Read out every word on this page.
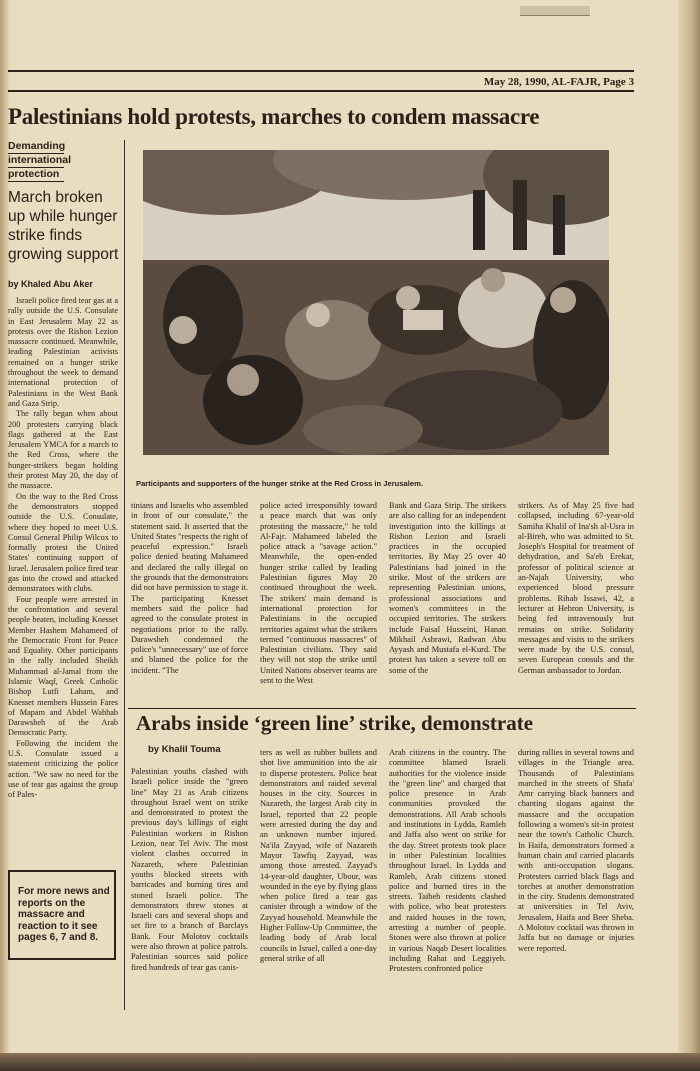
May 28, 1990, AL-FAJR, Page 3
Palestinians hold protests, marches to condem massacre
Demanding
international
protection
March broken up while hunger strike finds growing support
by Khaled Abu Aker

Israeli police fired tear gas at a rally outside the U.S. Consulate in East Jerusalem May 22 as protests over the Rishon Lezion massacre continued. Meanwhile, leading Palestinian activists remained on a hunger strike throughout the week to demand international protection of Palestinians in the West Bank and Gaza Strip.

The rally began when about 200 protesters carrying black flags gathered at the East Jerusalem YMCA for a march to the Red Cross, where the hunger-strikers began holding their protest May 20, the day of the massacre.

On the way to the Red Cross the demonstrators stopped outside the U.S. Consulate, where they hoped to meet U.S. Consul General Philip Wilcox to formally protest the United States' continuing support of Israel. Jerusalem police fired tear gas into the crowd and attacked demonstrators with clubs.

Four people were arrested in the confrontation and several people beaten, including Knesset Member Hashem Mahameed of the Democratic Front for Peace and Equality. Other participants in the rally included Sheikh Muhammad al-Jamal from the Islamic Waqf, Greek Catholic Bishop Lutfi Laham, and Knesset members Hussein Fares of Mapam and Abdel Wahhab Darawsheh of the Arab Democratic Party.

Following the incident the U.S. Consulate issued a statement criticizing the police action. "We saw no need for the use of tear gas against the group of Pales-

For more news and reports on the massacre and reaction to it see pages 6, 7 and 8.
Participants and supporters of the hunger strike at the Red Cross in Jerusalem.
tinians and Israelis who assembled in front of our consulate," the statement said. It asserted that the United States "respects the right of peaceful expression." Israeli police denied beating Mahameed and declared the rally illegal on the grounds that the demonstrators did not have permission to stage it. The participating Knesset members said the police had agreed to the consulate protest in negotiations prior to the rally. Darawsheh condemned the police's "unnecessary" use of force and blamed the police for the incident. "The
police acted irresponsibly toward a peace march that was only protesting the massacre," he told Al-Fajr. Mahameed labeled the police attack a "savage action." Meanwhile, the open-ended hunger strike called by leading Palestinian figures May 20 continued throughout the week. The strikers' main demand is international protection for Palestinians in the occupied territories against what the strikers termed "continuous massacres" of Palestinian civilians. They said they will not stop the strike until United Nations observer teams are sent to the West
Bank and Gaza Strip. The strikers are also calling for an independent investigation into the killings at Rishon Lezion and Israeli practices in the occupied territories. By May 25 over 40 Palestinians had joined in the strike. Most of the strikers are representing Palestinian unions, professional associations and women's committees in the occupied territories. The strikers include Faisal Husseini, Hanan Mikhail Ashrawi, Radwan Abu Ayyash and Mustafa el-Kurd. The protest has taken a severe toll on some of the
strikers. As of May 25 five had collapsed, including 67-year-old Samiha Khalil of Ina'sh al-Usra in al-Bireh, who was admitted to St. Joseph's Hospital for treatment of dehydration, and Sa'eb Erekat, professor of political science at an-Najah University, who experienced blood pressure problems. Rihab Issawi, 42, a lecturer at Hebron University, is being fed intravenously but remains on strike. Solidarity messages and visits to the strikers were made by the U.S. consul, seven European consuls and the German ambassador to Jordan.
Arabs inside ‘green line’ strike, demonstrate
by Khalil Touma
Palestinian youths clashed with Israeli police inside the "green line" May 21 as Arab citizens throughout Israel went on strike and demonstrated to protest the previous day's killings of eight Palestinian workers in Rishon Lezion, near Tel Aviv. The most violent clashes occurred in Nazareth, where Palestinian youths blocked streets with barricades and burning tires and stoned Israeli police. The demonstrators threw stones at Israeli cars and several shops and set fire to a branch of Barclays Bank. Four Molotov cocktails were also thrown at police patrols. Palestinian sources said police fired hundreds of tear gas canis-
ters as well as rubber bullets and shot live ammunition into the air to disperse protesters. Police beat demonstrators and raided several houses in the city. Sources in Nazareth, the largest Arab city in Israel, reported that 22 people were arrested during the day and an unknown number injured. Na'ila Zayyad, wife of Nazareth Mayor Tawfiq Zayyad, was among those arrested. Zayyad's 14-year-old daughter, Ubour, was wounded in the eye by flying glass when police fired a tear gas canister through a window of the Zayyad household. Meanwhile the Higher Follow-Up Committee, the leading body of Arab local councils in Israel, called a one-day general strike of all
Arab citizens in the country. The committee blamed Israeli authorities for the violence inside the "green line" and charged that police presence in Arab communities provoked the demonstrations. All Arab schools and institutions in Lydda, Ramleh and Jaffa also went on strike for the day. Street protests took place in other Palestinian localities throughout Israel. In Lydda and Ramleh, Arab citizens stoned police and burned tires in the streets. Taibeh residents clashed with police, who beat protesters and raided houses in the town, arresting a number of people. Stones were also thrown at police in various Naqab Desert localities including Rahat and Leggiyeh. Protesters confronted police
during rallies in several towns and villages in the Triangle area. Thousands of Palestinians marched in the streets of Shafa' Amr carrying black banners and chanting slogans against the massacre and the occupation following a women's sit-in protest near the town's Catholic Church. In Haifa, demonstrators formed a human chain and carried placards with anti-occupation slogans. Protesters carried black flags and torches at another demonstration in the city. Students demonstrated at universities in Tel Aviv, Jerusalem, Haifa and Beer Sheba. A Molotov cocktail was thrown in Jaffa but no damage or injuries were reported.
